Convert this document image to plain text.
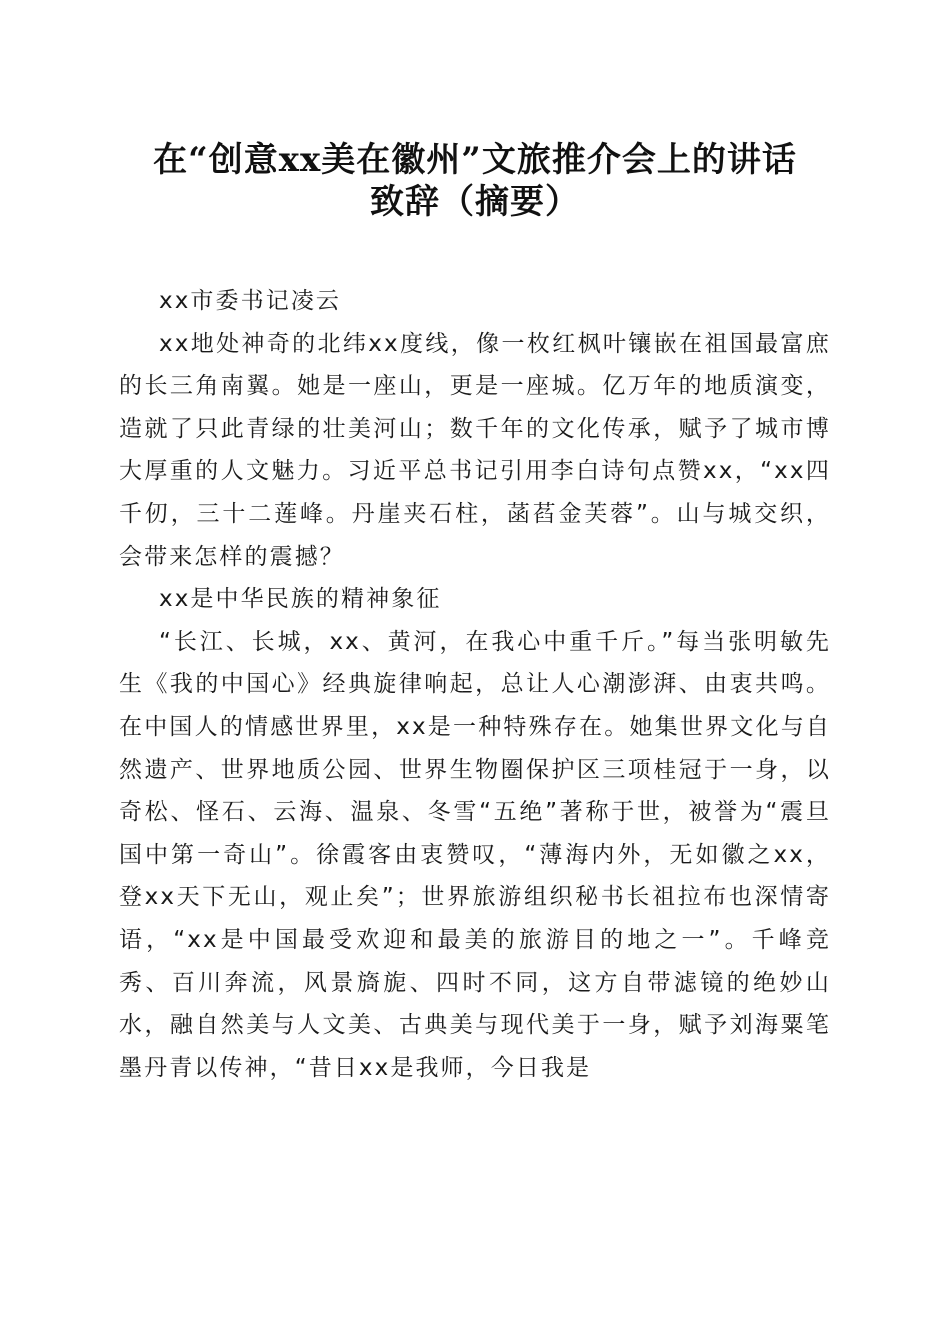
在“创意xx美在徽州”文旅推介会上的讲话
致辞（摘要）

xx市委书记凌云

xx地处神奇的北纬xx度线，像一枚红枫叶镶嵌在祖国最富庶的长三角南翼。她是一座山，更是一座城。亿万年的地质演变，造就了只此青绿的壮美河山；数千年的文化传承，赋予了城市博大厚重的人文魅力。习近平总书记引用李白诗句点赞xx，“xx四千仞，三十二莲峰。丹崖夹石柱，菡萏金芙蓉”。山与城交织，会带来怎样的震撼？

xx是中华民族的精神象征

“长江、长城，xx、黄河，在我心中重千斤。”每当张明敏先生《我的中国心》经典旋律响起，总让人心潮澎湃、由衷共鸣。在中国人的情感世界里，xx是一种特殊存在。她集世界文化与自然遗产、世界地质公园、世界生物圈保护区三项桂冠于一身，以奇松、怪石、云海、温泉、冬雪“五绝”著称于世，被誉为“震旦国中第一奇山”。徐霞客由衷赞叹，“薄海内外，无如徽之xx，登xx天下无山，观止矣”；世界旅游组织秘书长祖拉布也深情寄语，“xx是中国最受欢迎和最美的旅游目的地之一”。千峰竞秀、百川奔流，风景旖旎、四时不同，这方自带滤镜的绝妙山水，融自然美与人文美、古典美与现代美于一身，赋予刘海粟笔墨丹青以传神，“昔日xx是我师，今日我是
